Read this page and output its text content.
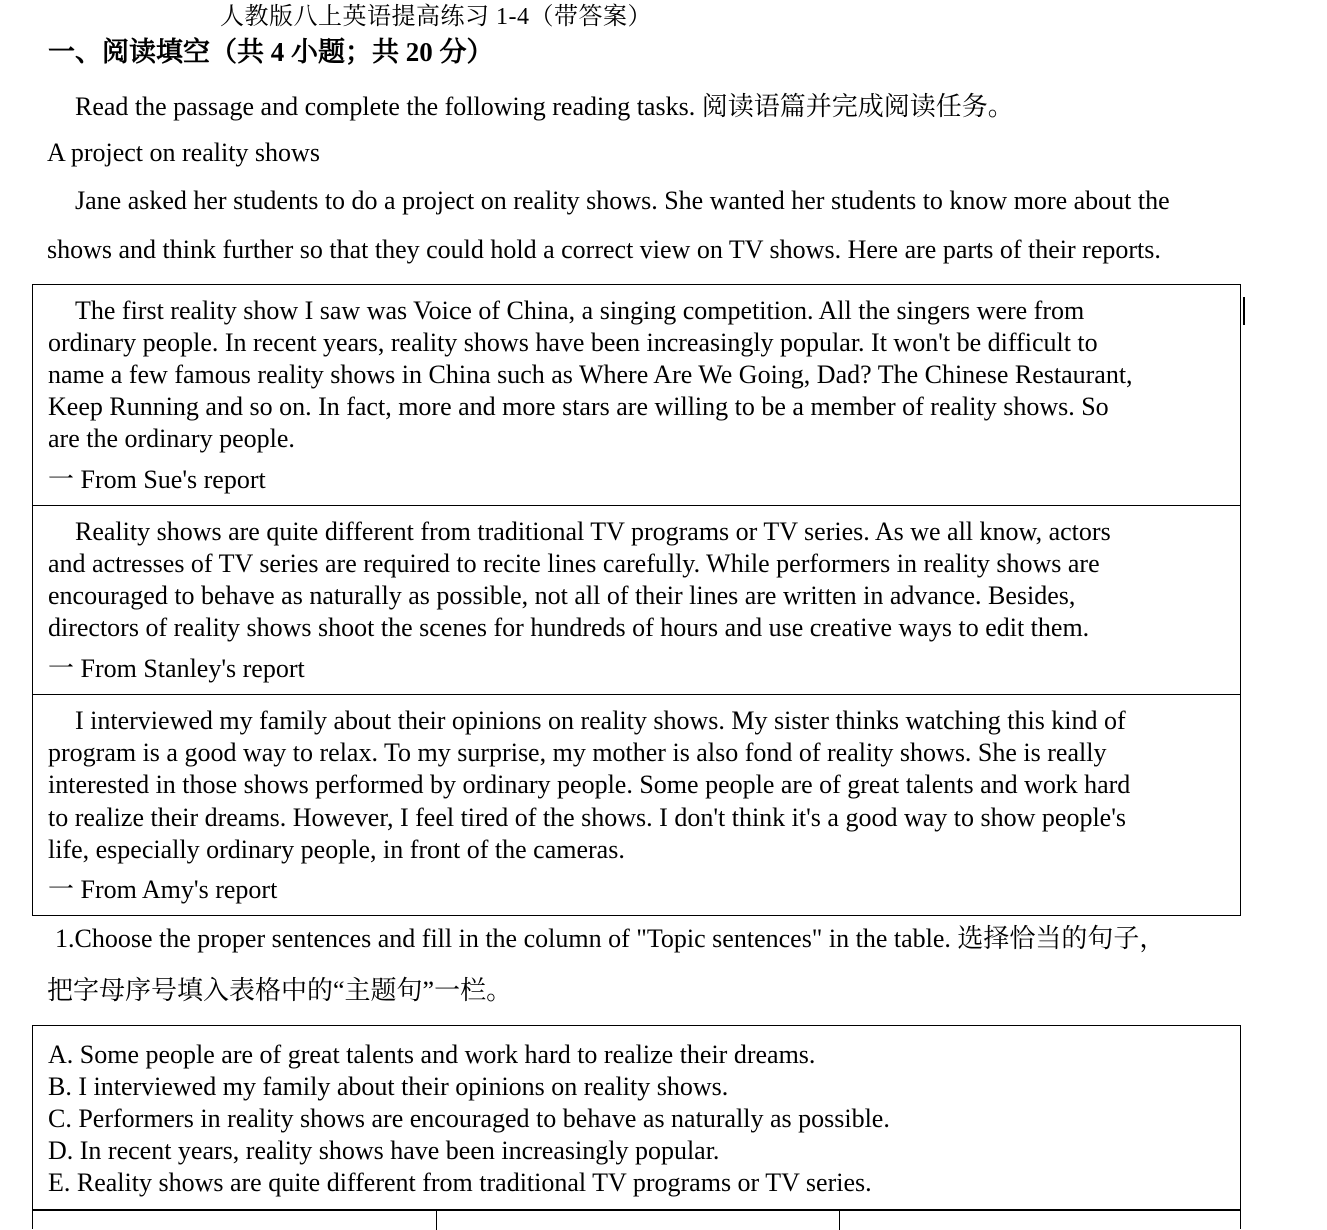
人教版八上英语提高练习 1-4（带答案）
一、阅读填空（共 4 小题；共 20 分）
Read the passage and complete the following reading tasks. 阅读语篇并完成阅读任务。
A project on reality shows
Jane asked her students to do a project on reality shows. She wanted her students to know more about the
shows and think further so that they could hold a correct view on TV shows. Here are parts of their reports.
The first reality show I saw was Voice of China, a singing competition. All the singers were from
ordinary people. In recent years, reality shows have been increasingly popular. It won't be difficult to
name a few famous reality shows in China such as Where Are We Going, Dad? The Chinese Restaurant,
Keep Running and so on. In fact, more and more stars are willing to be a member of reality shows. So
are the ordinary people.
一 From Sue's report
Reality shows are quite different from traditional TV programs or TV series. As we all know, actors
and actresses of TV series are required to recite lines carefully. While performers in reality shows are
encouraged to behave as naturally as possible, not all of their lines are written in advance. Besides,
directors of reality shows shoot the scenes for hundreds of hours and use creative ways to edit them.
一 From Stanley's report
I interviewed my family about their opinions on reality shows. My sister thinks watching this kind of
program is a good way to relax. To my surprise, my mother is also fond of reality shows. She is really
interested in those shows performed by ordinary people. Some people are of great talents and work hard
to realize their dreams. However, I feel tired of the shows. I don't think it's a good way to show people's
life, especially ordinary people, in front of the cameras.
一 From Amy's report
1.Choose the proper sentences and fill in the column of "Topic sentences" in the table. 选择恰当的句子，
把字母序号填入表格中的“主题句”一栏。
A. Some people are of great talents and work hard to realize their dreams.
B. I interviewed my family about their opinions on reality shows.
C. Performers in reality shows are encouraged to behave as naturally as possible.
D. In recent years, reality shows have been increasingly popular.
E. Reality shows are quite different from traditional TV programs or TV series.
